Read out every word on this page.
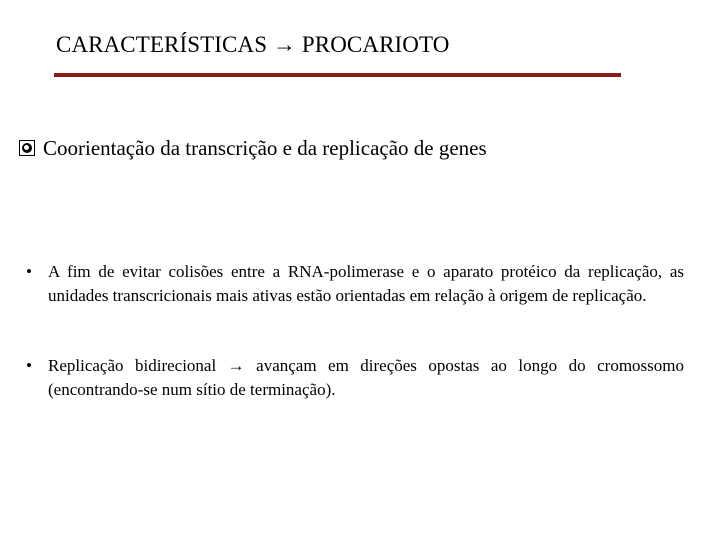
CARACTERÍSTICAS → PROCARIOTO
Coorientação da transcrição e da replicação de genes
• A fim de evitar colisões entre a RNA-polimerase e o aparato protéico da replicação, as unidades transcricionais mais ativas estão orientadas em relação à origem de replicação.
• Replicação bidirecional → avançam em direções opostas ao longo do cromossomo (encontrando-se num sítio de terminação).
